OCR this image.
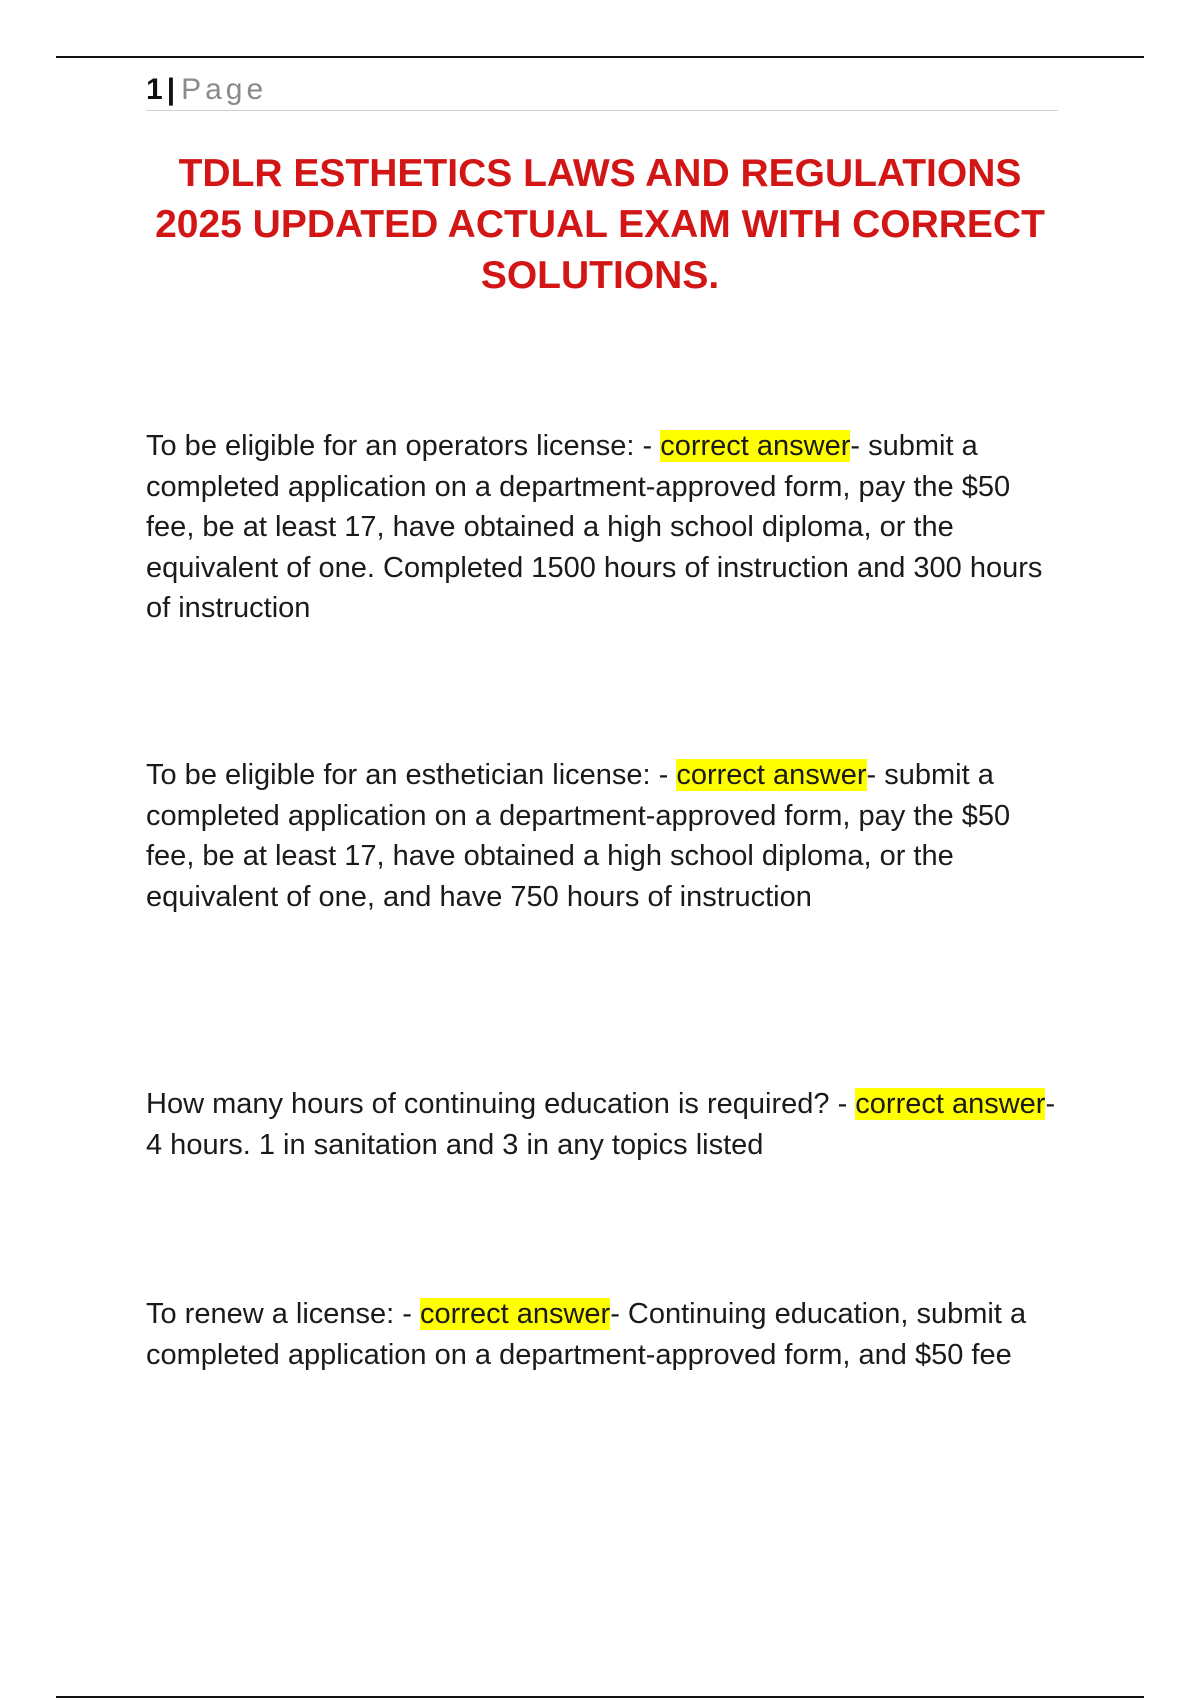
1 | Page
TDLR ESTHETICS LAWS AND REGULATIONS 2025 UPDATED ACTUAL EXAM WITH CORRECT SOLUTIONS.

To be eligible for an operators license: - correct answer- submit a completed application on a department-approved form, pay the $50 fee, be at least 17, have obtained a high school diploma, or the equivalent of one. Completed 1500 hours of instruction and 300 hours of instruction

To be eligible for an esthetician license: - correct answer- submit a completed application on a department-approved form, pay the $50 fee, be at least 17, have obtained a high school diploma, or the equivalent of one, and have 750 hours of instruction

How many hours of continuing education is required? - correct answer- 4 hours. 1 in sanitation and 3 in any topics listed

To renew a license: - correct answer- Continuing education, submit a completed application on a department-approved form, and $50 fee
